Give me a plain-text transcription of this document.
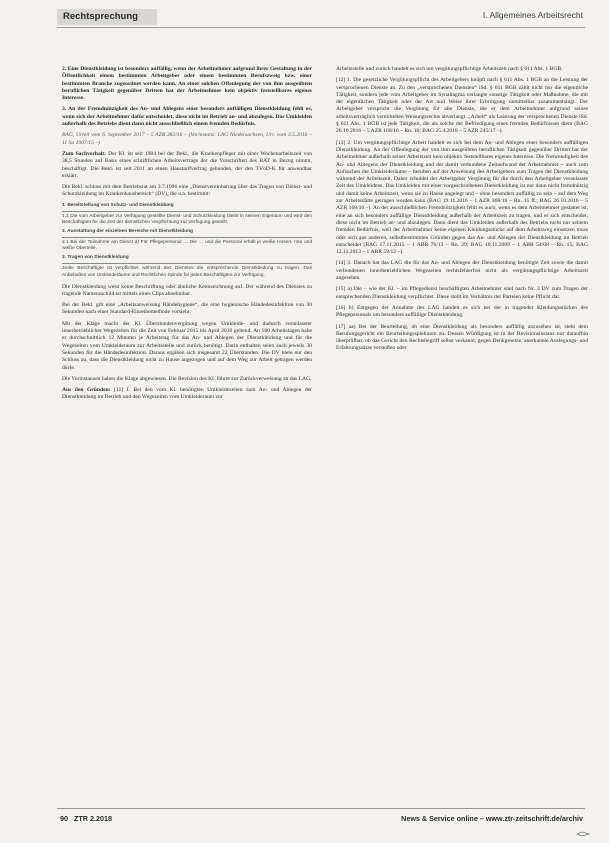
Rechtsprechung	I. Allgemeines Arbeitsrecht

2. Eine Dienstkleidung ist besonders auffällig, wenn der Arbeitnehmer aufgrund ihrer Gestaltung in der Öffentlichkeit einem bestimmten Arbeitgeber oder einem bestimmten Berufszweig bzw. einer bestimmten Branche zugeordnet werden kann. An einer solchen Offenlegung der von ihm ausgeübten beruflichen Tätigkeit gegenüber Dritten hat der Arbeitnehmer kein objektiv feststellbares eigenes Interesse.

3. An der Fremdnützigkeit des An- und Ablegens einer besonders auffälligen Dienstkleidung fehlt es, wenn sich der Arbeitnehmer dafür entscheidet, diese nicht im Betrieb an- und abzulegen. Das Umkleiden außerhalb des Betriebs dient dann nicht ausschließlich einem fremden Bedürfnis.

BAG, Urteil vom 6. September 2017 – 5 AZR 382/16 – (Vorinstanz: LAG Niedersachsen, Urt. vom 3.5.2016 – 11 Sa 1007/15 –)

Zum Sachverhalt: Der Kl. ist seit 1984 bei der Bekl., die Krankenpfleger mit einer Wochenarbeitszeit von 38,5 Stunden auf Basis eines schriftlichen Arbeitsvertrags der die Vorschriften des BAT in Bezug nimmt, beschäftigt. Die Bekl. ist seit 2011 an einen Haustarifvertrag gebunden, der den TVöD-K für anwendbar erklärt.

Die Bekl. schloss mit dem Betriebsrat am 3.7.1996 eine „Dienstvereinbarung über das Tragen von Dienst- und Schutzkleidung im Krankenhausbereich“ (DV), die u.a. bestimmt:

1. Bereitstellung von Schutz- und Dienstkleidung
1.1 Die vom Arbeitgeber zur Verfügung gestellte Dienst- und Schutzkleidung bleibt in seinem Eigentum und wird den Beschäftigten für die Zeit der dienstlichen Verpflichtung zur Verfügung gestellt.
2. Ausstattung der einzelnen Bereiche mit Dienstkleidung
2.1 Bei der Teilnahme am Dienst a) Für Pflegepersonal … Die … und die Personal erhält je weiße Hosen, rote und weiße Oberteile.
3. Tragen von Dienstkleidung
Jeder Beschäftigte ist verpflichtet während des Dienstes die entsprechende Dienstkleidung zu tragen. Das Anbehalten von Umkleideräume und Rechtlichen Spinde für jedes Beschäftigten zur Verfügung.

Die Dienstkleidung weist keine Beschriftung oder ähnliche Kennzeichnung auf. Der während des Dienstes zu tragende Namensschild ist mittels eines Clips abnehmbar.

Bei der Bekl. gilt eine „Arbeitsanweisung Händehygiene“, die eine hygienische Händedesinfektion von 30 Sekunden nach einer Standard-Einreibemethode vorsieht.

Mit der Klage macht der Kl. Überstundenvergütung wegen Umkleide- und dadurch veranlasster innerbetrieblicher Wegezeiten für die Zeit von Februar 2015 bis April 2016 geltend. An 180 Arbeitstagen habe er durchschnittlich 12 Minuten je Arbeitstag für das An- und Ablegen der Dienstkleidung und für die Wegezeiten vom Umkleideraum zur Arbeitsstelle und zurück benötigt. Darin enthalten seien auch jeweils 30 Sekunden für die Händedesinfektion. Daraus ergäben sich insgesamt 22 Überstunden. Die DV biete nur den Schluss zu, dass die Dienstkleidung nicht zu Hause angezogen und auf dem Weg zur Arbeit getragen werden dürfe.

Die Vorinstanzen haben die Klage abgewiesen. Die Revision des Kl. führte zur Zurückverweisung an das LAG.

Aus den Gründen: [11] I. Bei den vom Kl. benötigten Umkleidezeiten zum An- und Ablegen der Dienstkleidung im Betrieb und den Wegezeiten vom Umkleideraum zur

Arbeitsstelle und zurück handelt es sich um vergütungspflichtige Arbeitszeit nach § 611 Abs. 1 BGB.

[12] 1. Die gesetzliche Vergütungspflicht des Arbeitgebers knüpft nach § 611 Abs. 1 BGB an die Leistung der versprochenen Dienste an. Zu den „versprochenen Diensten“ iSd. § 611 BGB zählt nicht nur die eigentliche Tätigkeit, sondern jede vom Arbeitgeber im Synallagma verlangte sonstige Tätigkeit oder Maßnahme, die mit der eigentlichen Tätigkeit oder der Art und Weise ihrer Erbringung unmittelbar zusammenhängt. Der Arbeitgeber verspricht die Vergütung für alle Dienste, die er dem Arbeitnehmer aufgrund seines arbeitsvertraglich vermittelten Weisungsrechts abverlangt. „Arbeit“ als Leistung der versprochenen Dienste iSd. § 611 Abs. 1 BGB ist jede Tätigkeit, die als solche der Befriedigung eines fremden Bedürfnisses dient (BAG 26.10.2016 – 5 AZR 168/16 – Rn. 10; BAG 25.4.2018 – 5 AZR 245/17 –).

[13] 2. Um vergütungspflichtige Arbeit handelt es sich bei dem An- und Ablegen einer besonders auffälligen Dienstkleidung. An der Offenlegung der von ihm ausgeübten beruflichen Tätigkeit gegenüber Dritten hat der Arbeitnehmer außerhalb seiner Arbeitszeit kein objektiv feststellbares eigenes Interesse. Die Notwendigkeit des An- und Ablegens der Dienstkleidung und der damit verbundene Zeitaufwand der Arbeitnehmer – auch zum Aufsuchen der Umkleideräume – beruhen auf der Anweisung des Arbeitgebers zum Tragen der Dienstkleidung während der Arbeitszeit. Daher schuldet der Arbeitgeber Vergütung für die durch den Arbeitgeber veranlasste Zeit des Umkleidens. Das Umkleiden mit einer vorgeschriebenen Dienstkleidung ist nur dann nicht fremdnützig und damit keine Arbeitszeit, wenn sie zu Hause angelegt und – ohne besonders auffällig zu sein – auf dem Weg zur Arbeitsstätte getragen werden kann (BAG 19.11.2016 – 1 AZR 368/16 – Rn. 15 ff.; BAG 26.10.2016 – 5 AZR 168/16 –). An der ausschließlichen Fremdnützigkeit fehlt es auch, wenn es dem Arbeitnehmer gestattet ist, eine an sich besonders auffällige Dienstkleidung außerhalb der Arbeitszeit zu tragen, und er sich entscheidet, diese nicht im Betrieb an- und abzulegen. Dann dient das Umkleiden außerhalb des Betriebs nicht nur seinem fremden Bedürfnis, weil der Arbeitnehmer keine eigenen Kleidungsstücke auf dem Arbeitsweg einsetzen muss oder sich aus anderen, selbstbestimmten Gründen gegen das An- und Ablegen der Dienstkleidung im Betrieb entscheidet (BAG 17.11.2015 – 1 ABR 76/13 – Rn. 29; BAG 10.11.2009 – 1 ABR 54/08 – Rn. 15; BAG 12.11.2013 – 1 ABR 59/12 –).

[14] 3. Danach hat das LAG die für das An- und Ablegen der Dienstkleidung benötigte Zeit sowie die damit verbundenen innerbetrieblichen Wegezeiten rechtsfehlerfrei nicht als vergütungspflichtige Arbeitszeit angesehen.

[15] a) Die – wie der Kl. – im Pflegedienst beschäftigten Arbeitnehmer sind nach Nr. 3 DV zum Tragen der entsprechenden Dienstkleidung verpflichtet. Diese stellt im Verhältnis der Parteien keine Pflicht dar.

[16] b) Entgegen der Annahme des LAG handelt es sich bei der in tragender Kleidungsstücken des Pflegepersonals um besonders auffällige Dienstkleidung.

[17] aa) Bei der Beurteilung, ob eine Dienstkleidung als besonders auffällig anzusehen ist, steht dem Berufungsgericht ein Beurteilungsspielraum zu. Dessen Würdigung ist in der Revisionsinstanz nur daraufhin überprüfbar, ob das Gericht den Rechtsbegriff selbst verkannt, gegen Denkgesetze, anerkannte Auslegungs- und Erfahrungssätze verstoßen oder

90 ZTR 2.2018	News & Service online – www.ztr-zeitschrift.de/archiv
